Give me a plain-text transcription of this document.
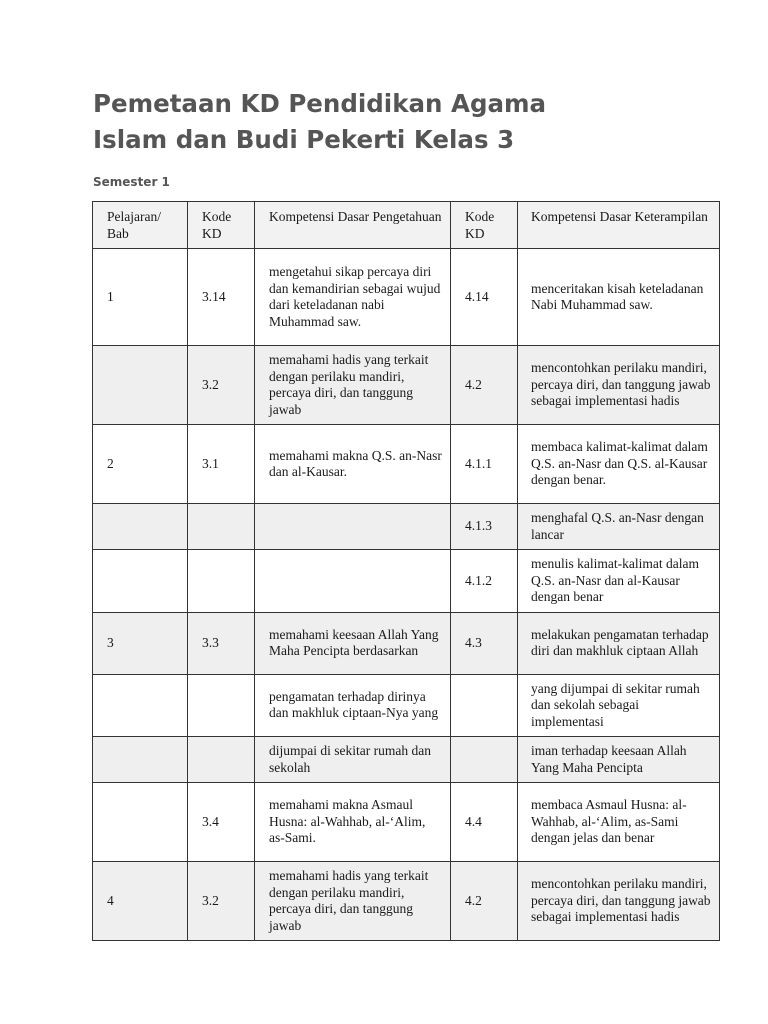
Pemetaan KD Pendidikan Agama
Islam dan Budi Pekerti Kelas 3
Semester 1
Pelajaran/ Bab	Kode KD	Kompetensi Dasar Pengetahuan	Kode KD	Kompetensi Dasar Keterampilan
1	3.14	mengetahui sikap percaya diri dan kemandirian sebagai wujud dari keteladanan nabi Muhammad saw.	4.14	menceritakan kisah keteladanan Nabi Muhammad saw.
	3.2	memahami hadis yang terkait dengan perilaku mandiri, percaya diri, dan tanggung jawab	4.2	mencontohkan perilaku mandiri, percaya diri, dan tanggung jawab sebagai implementasi hadis
2	3.1	memahami makna Q.S. an-Nasr dan al-Kausar.	4.1.1	membaca kalimat-kalimat dalam Q.S. an-Nasr dan Q.S. al-Kausar dengan benar.
			4.1.3	menghafal Q.S. an-Nasr dengan lancar
			4.1.2	menulis kalimat-kalimat dalam Q.S. an-Nasr dan al-Kausar dengan benar
3	3.3	memahami keesaan Allah Yang Maha Pencipta berdasarkan	4.3	melakukan pengamatan terhadap diri dan makhluk ciptaan Allah
		pengamatan terhadap dirinya dan makhluk ciptaan-Nya yang		yang dijumpai di sekitar rumah dan sekolah sebagai implementasi
		dijumpai di sekitar rumah dan sekolah		iman terhadap keesaan Allah Yang Maha Pencipta
	3.4	memahami makna Asmaul Husna: al-Wahhab, al-‘Alim, as-Sami.	4.4	membaca Asmaul Husna: al-Wahhab, al-‘Alim, as-Sami dengan jelas dan benar
4	3.2	memahami hadis yang terkait dengan perilaku mandiri, percaya diri, dan tanggung jawab	4.2	mencontohkan perilaku mandiri, percaya diri, dan tanggung jawab sebagai implementasi hadis
